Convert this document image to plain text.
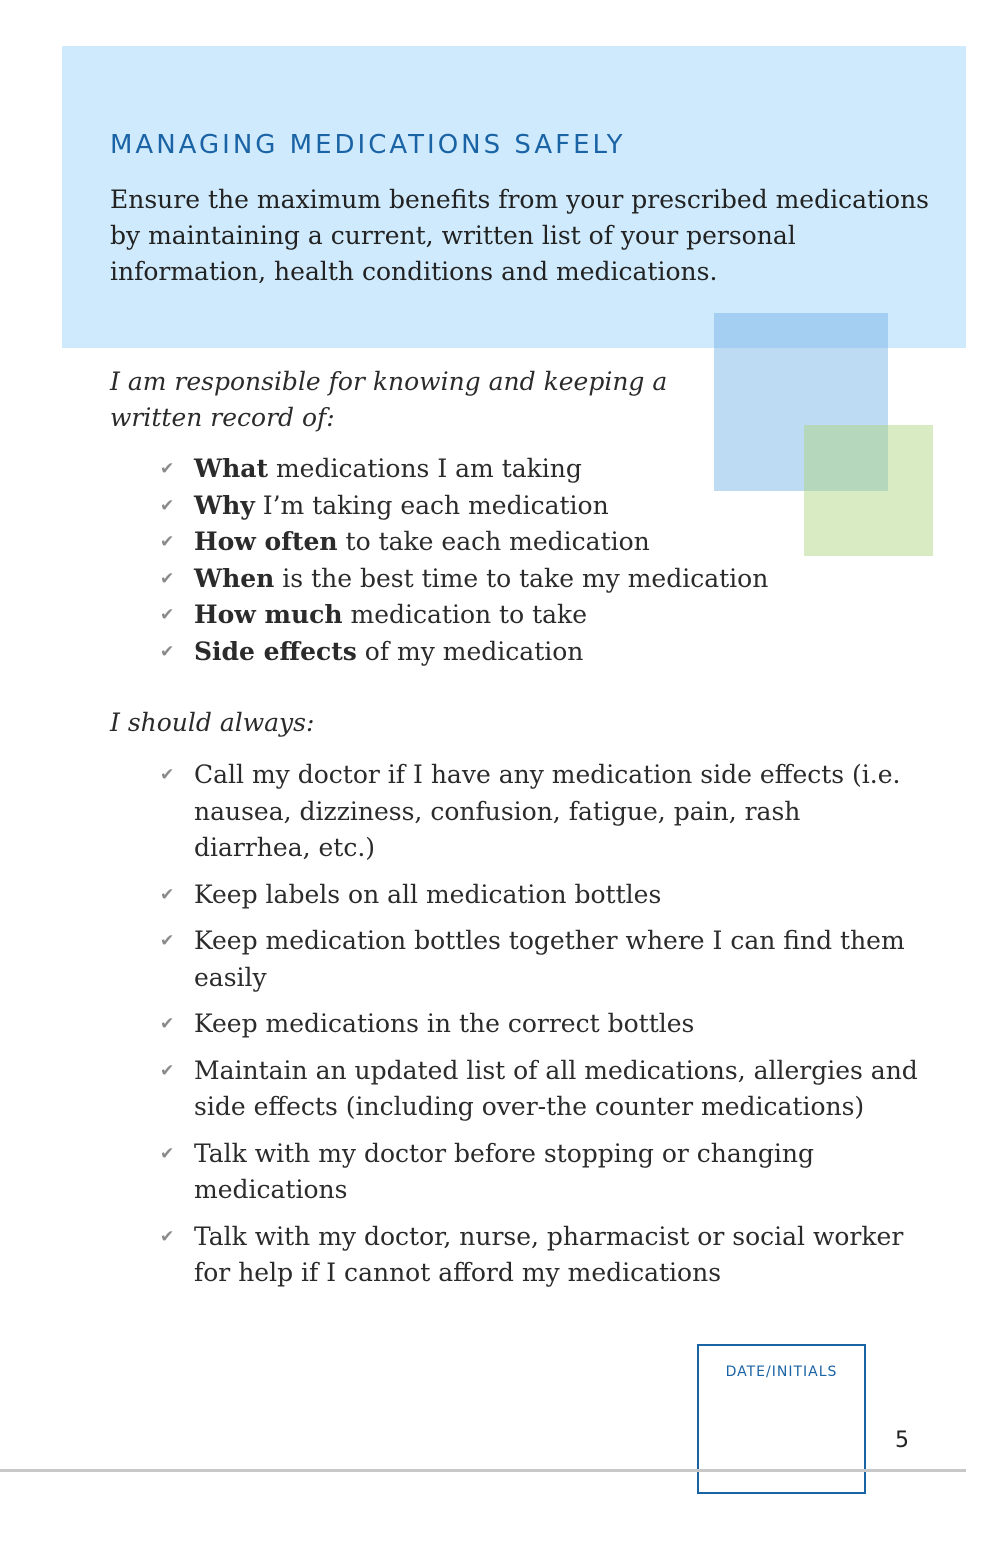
MANAGING MEDICATIONS SAFELY

Ensure the maximum benefits from your prescribed medications by maintaining a current, written list of your personal information, health conditions and medications.

I am responsible for knowing and keeping a written record of:

✔ What medications I am taking
✔ Why I’m taking each medication
✔ How often to take each medication
✔ When is the best time to take my medication
✔ How much medication to take
✔ Side effects of my medication

I should always:

✔ Call my doctor if I have any medication side effects (i.e. nausea, dizziness, confusion, fatigue, pain, rash diarrhea, etc.)
✔ Keep labels on all medication bottles
✔ Keep medication bottles together where I can find them easily
✔ Keep medications in the correct bottles
✔ Maintain an updated list of all medications, allergies and side effects (including over-the counter medications)
✔ Talk with my doctor before stopping or changing medications
✔ Talk with my doctor, nurse, pharmacist or social worker for help if I cannot afford my medications
DATE/INITIALS
5
